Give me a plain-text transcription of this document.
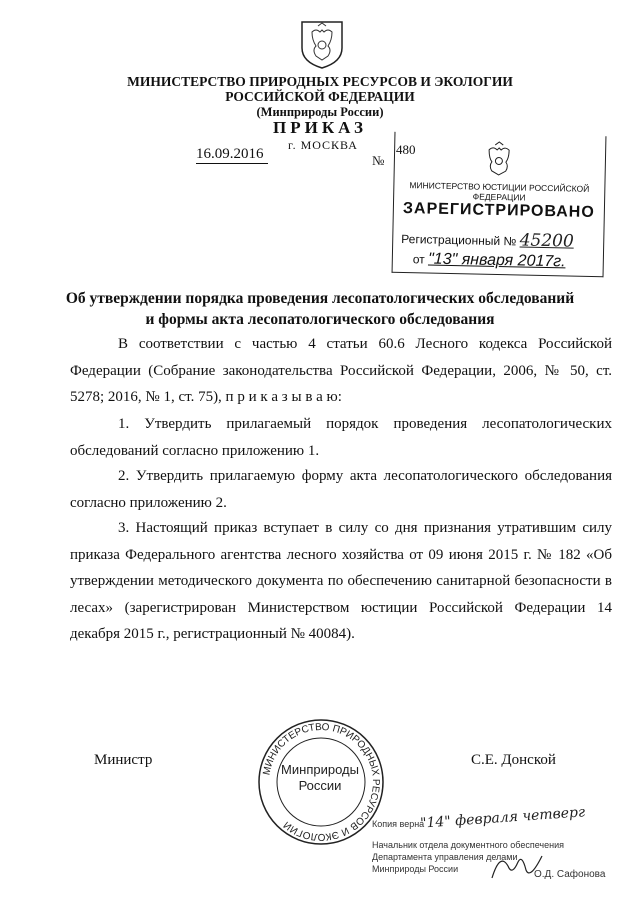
МИНИСТЕРСТВО ПРИРОДНЫХ РЕСУРСОВ И ЭКОЛОГИИ
РОССИЙСКОЙ ФЕДЕРАЦИИ
(Минприроды России)
ПРИКАЗ
г. МОСКВА
16.09.2016	№
480
МИНИСТЕРСТВО ЮСТИЦИИ РОССИЙСКОЙ ФЕДЕРАЦИИ
ЗАРЕГИСТРИРОВАНО
Регистрационный № 45200
от "13" января 2017г.
Об утверждении порядка проведения лесопатологических обследований
и формы акта лесопатологического обследования
В соответствии с частью 4 статьи 60.6 Лесного кодекса Российской Федерации (Собрание законодательства Российской Федерации, 2006, № 50, ст. 5278; 2016, № 1, ст. 75), п р и к а з ы в а ю:
1. Утвердить прилагаемый порядок проведения лесопатологических обследований согласно приложению 1.
2. Утвердить прилагаемую форму акта лесопатологического обследования согласно приложению 2.
3. Настоящий приказ вступает в силу со дня признания утратившим силу приказа Федерального агентства лесного хозяйства от 09 июня 2015 г. № 182 «Об утверждении методического документа по обеспечению санитарной безопасности в лесах» (зарегистрирован Министерством юстиции Российской Федерации 14 декабря 2015 г., регистрационный № 40084).
Министр	С.Е. Донской
МИНИСТЕРСТВО ПРИРОДНЫХ РЕСУРСОВ И ЭКОЛОГИИ
Минприроды России
Копия верна
"14" февраля четверг
Начальник отдела документного обеспечения
Департамента управления делами
Минприроды России	О.Д. Сафонова
